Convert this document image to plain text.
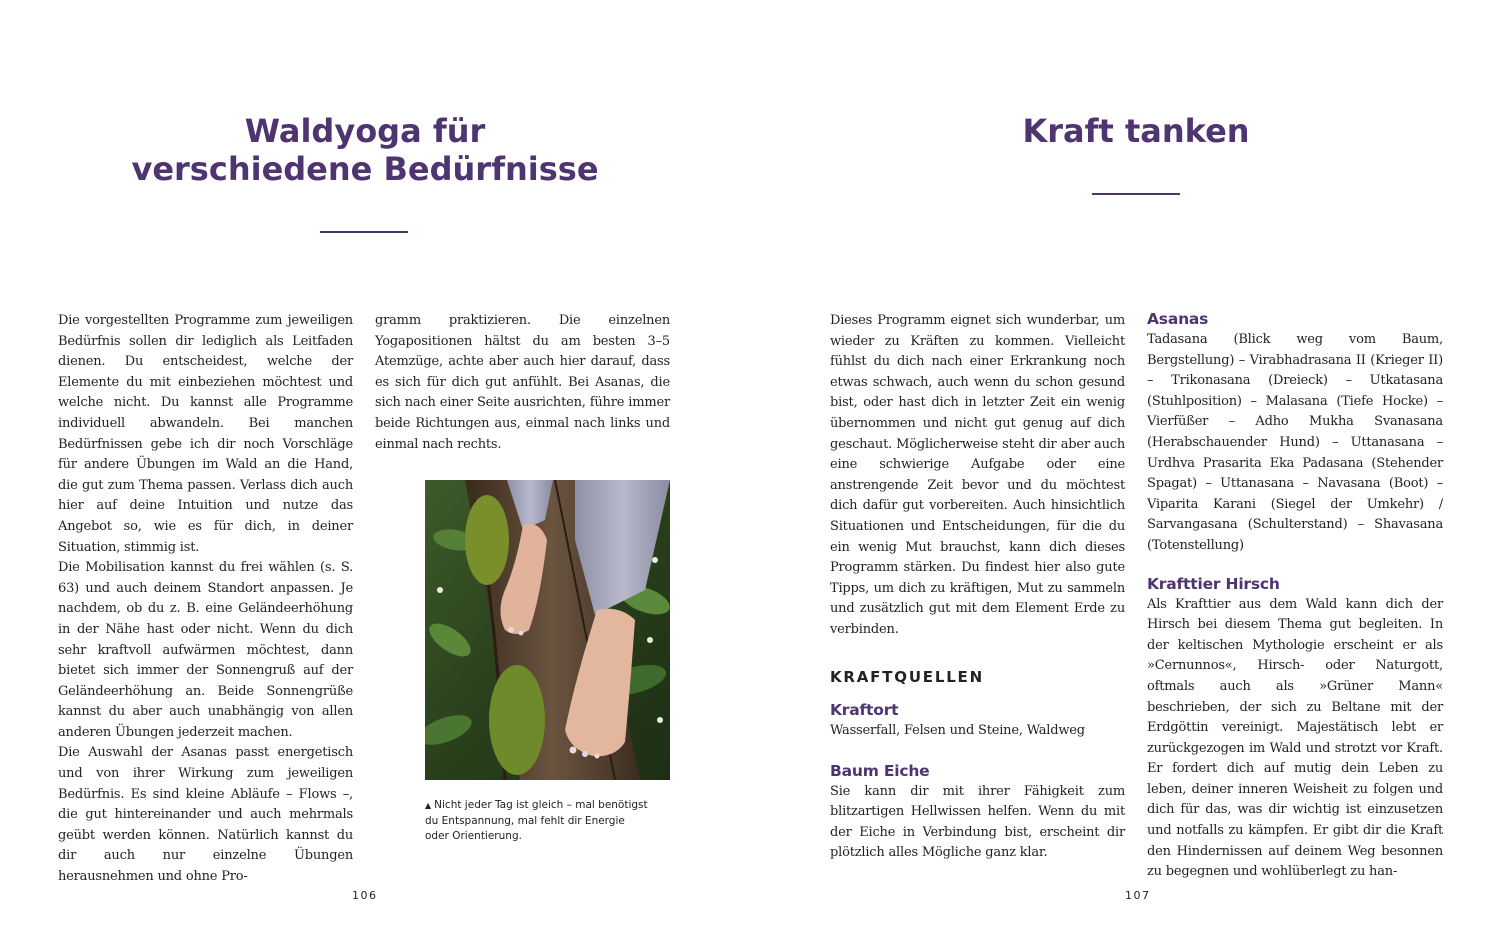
Waldyoga für
verschiedene Bedürfnisse

Die vorgestellten Programme zum jeweiligen Bedürfnis sollen dir lediglich als Leitfaden dienen. Du entscheidest, welche der Elemente du mit einbeziehen möchtest und welche nicht. Du kannst alle Programme individuell abwandeln. Bei manchen Bedürfnissen gebe ich dir noch Vorschläge für andere Übungen im Wald an die Hand, die gut zum Thema passen. Verlass dich auch hier auf deine Intuition und nutze das Angebot so, wie es für dich, in deiner Situation, stimmig ist.

Die Mobilisation kannst du frei wählen (s. S. 63) und auch deinem Standort anpassen. Je nachdem, ob du z. B. eine Geländeerhöhung in der Nähe hast oder nicht. Wenn du dich sehr kraftvoll aufwärmen möchtest, dann bietet sich immer der Sonnengruß auf der Geländeerhöhung an. Beide Sonnengrüße kannst du aber auch unabhängig von allen anderen Übungen jederzeit machen.

Die Auswahl der Asanas passt energetisch und von ihrer Wirkung zum jeweiligen Bedürfnis. Es sind kleine Abläufe – Flows –, die gut hintereinander und auch mehrmals geübt werden können. Natürlich kannst du dir auch nur einzelne Übungen herausnehmen und ohne Pro-

gramm praktizieren. Die einzelnen Yogapositionen hältst du am besten 3–5 Atemzüge, achte aber auch hier darauf, dass es sich für dich gut anfühlt. Bei Asanas, die sich nach einer Seite ausrichten, führe immer beide Richtungen aus, einmal nach links und einmal nach rechts.

▲ Nicht jeder Tag ist gleich – mal benötigst du Entspannung, mal fehlt dir Energie oder Orientierung.

106

Kraft tanken

Dieses Programm eignet sich wunderbar, um wieder zu Kräften zu kommen. Vielleicht fühlst du dich nach einer Erkrankung noch etwas schwach, auch wenn du schon gesund bist, oder hast dich in letzter Zeit ein wenig übernommen und nicht gut genug auf dich geschaut. Möglicherweise steht dir aber auch eine schwierige Aufgabe oder eine anstrengende Zeit bevor und du möchtest dich dafür gut vorbereiten. Auch hinsichtlich Situationen und Entscheidungen, für die du ein wenig Mut brauchst, kann dich dieses Programm stärken. Du findest hier also gute Tipps, um dich zu kräftigen, Mut zu sammeln und zusätzlich gut mit dem Element Erde zu verbinden.

KRAFTQUELLEN

Kraftort

Wasserfall, Felsen und Steine, Waldweg

Baum Eiche

Sie kann dir mit ihrer Fähigkeit zum blitzartigen Hellwissen helfen. Wenn du mit der Eiche in Verbindung bist, erscheint dir plötzlich alles Mögliche ganz klar.

Asanas

Tadasana (Blick weg vom Baum, Bergstellung) – Virabhadrasana II (Krieger II) – Trikonasana (Dreieck) – Utkatasana (Stuhlposition) – Malasana (Tiefe Hocke) – Vierfüßer – Adho Mukha Svanasana (Herabschauender Hund) – Uttanasana – Urdhva Prasarita Eka Padasana (Stehender Spagat) – Uttanasana – Navasana (Boot) – Viparita Karani (Siegel der Umkehr) / Sarvangasana (Schulterstand) – Shavasana (Totenstellung)

Krafttier Hirsch

Als Krafttier aus dem Wald kann dich der Hirsch bei diesem Thema gut begleiten. In der keltischen Mythologie erscheint er als »Cernunnos«, Hirsch- oder Naturgott, oftmals auch als »Grüner Mann« beschrieben, der sich zu Beltane mit der Erdgöttin vereinigt. Majestätisch lebt er zurückgezogen im Wald und strotzt vor Kraft. Er fordert dich auf mutig dein Leben zu leben, deiner inneren Weisheit zu folgen und dich für das, was dir wichtig ist einzusetzen und notfalls zu kämpfen. Er gibt dir die Kraft den Hindernissen auf deinem Weg besonnen zu begegnen und wohlüberlegt zu han-

107
